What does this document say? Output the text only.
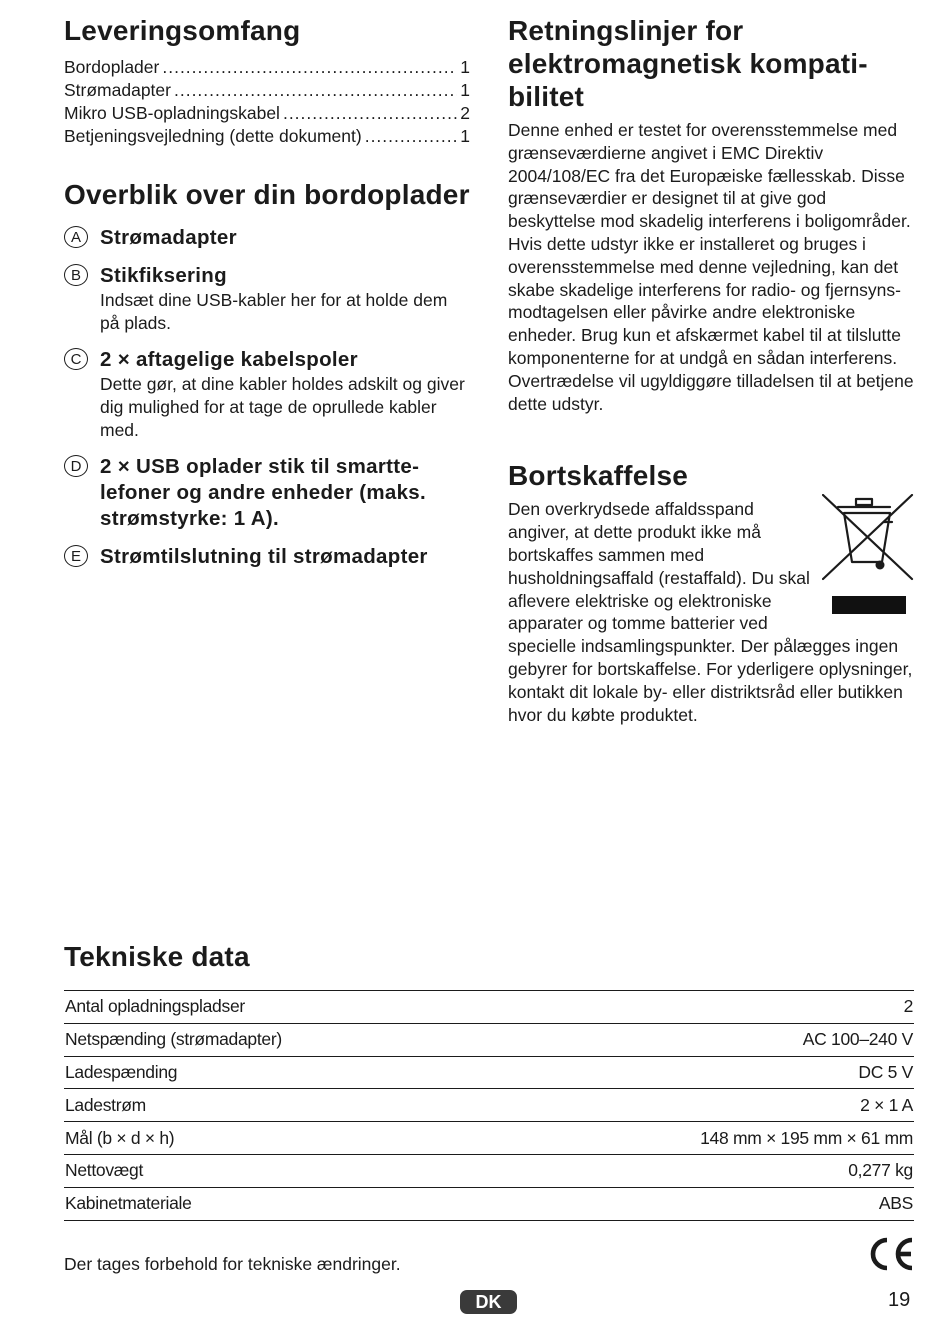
Leveringsomfang
Bordoplader .....	1
Strømadapter .....	1
Mikro USB-opladningskabel .....	2
Betjeningsvejledning (dette dokument) .....	1
Overblik over din bordoplader
A Strømadapter
B Stikfiksering
Indsæt dine USB-kabler her for at holde dem på plads.
C 2 × aftagelige kabelspoler
Dette gør, at dine kabler holdes adskilt og giver dig mulighed for at tage de oprullede kabler med.
D 2 × USB oplader stik til smarttelefoner og andre enheder (maks. strømstyrke: 1 A).
E Strømtilslutning til strømadapter
Retningslinjer for elektromagnetisk kompatibilitet
Denne enhed er testet for overensstemmelse med grænseværdierne angivet i EMC Direktiv 2004/108/EC fra det Europæiske fællesskab. Disse grænseværdier er designet til at give god beskyttelse mod skadelig interferens i boligområder. Hvis dette udstyr ikke er installeret og bruges i overensstemmelse med denne vejledning, kan det skabe skadelige interferens for radio- og fjernsynsmodtagelsen eller påvirke andre elektroniske enheder. Brug kun et afskærmet kabel til at tilslutte komponenterne for at undgå en sådan interferens. Overtrædelse vil ugyldiggøre tilladelsen til at betjene dette udstyr.
Bortskaffelse
Den overkrydsede affaldsspand angiver, at dette produkt ikke må bortskaffes sammen med husholdningsaffald (restaffald). Du skal aflevere elektriske og elektroniske apparater og tomme batterier ved specielle indsamlingspunkter. Der pålægges ingen gebyrer for bortskaffelse. For yderligere oplysninger, kontakt dit lokale by- eller distriktsråd eller butikken hvor du købte produktet.
Tekniske data
Antal opladningspladser	2
Netspænding (strømadapter)	AC 100–240 V
Ladespænding	DC 5 V
Ladestrøm	2 × 1 A
Mål (b × d × h)	148 mm × 195 mm × 61 mm
Nettovægt	0,277 kg
Kabinetmateriale	ABS
Der tages forbehold for tekniske ændringer.
DK	19
